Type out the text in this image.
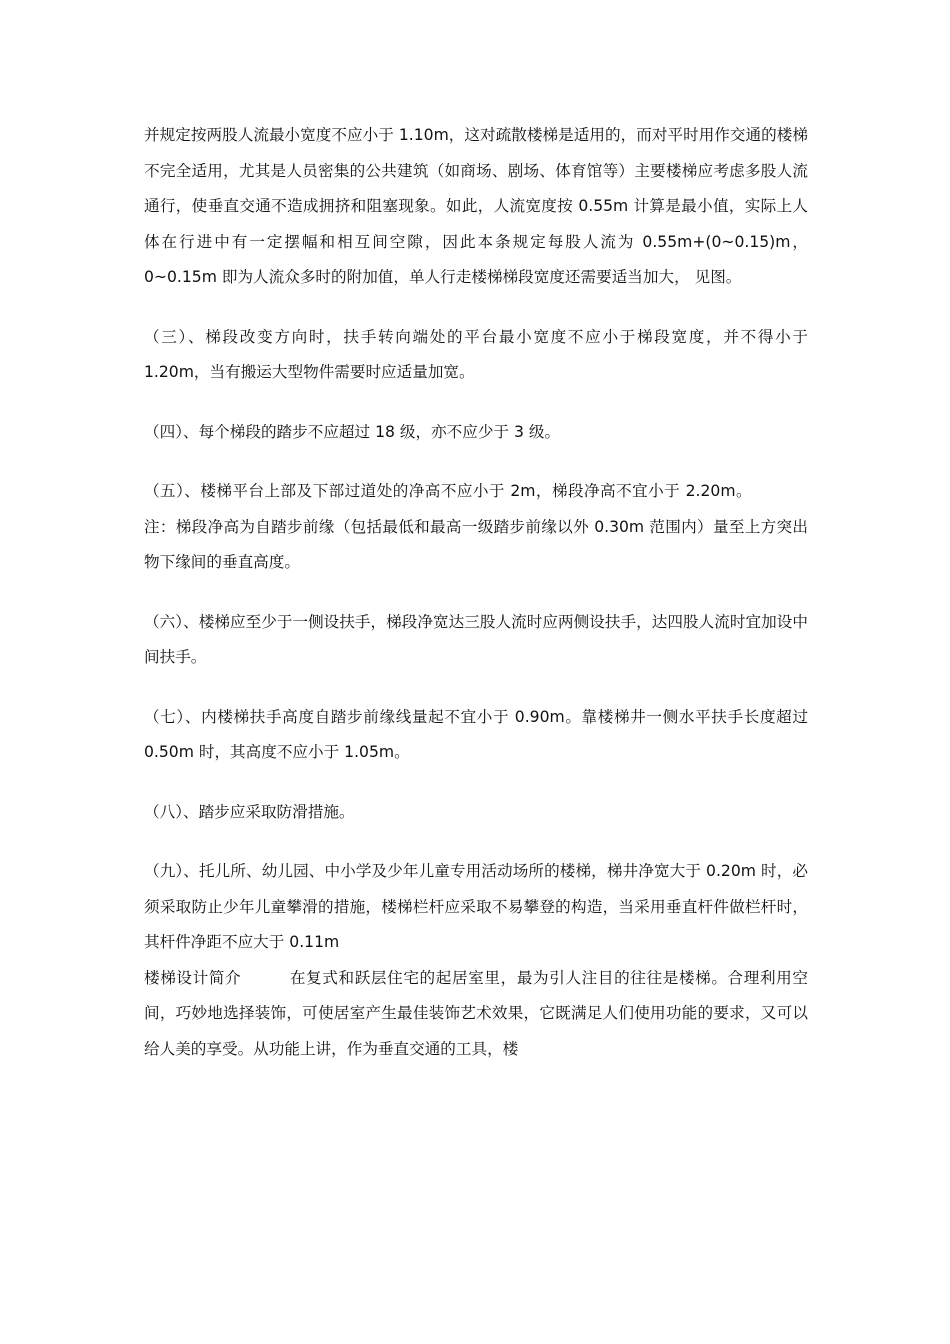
并规定按两股人流最小宽度不应小于 1.10m，这对疏散楼梯是适用的，而对平时用作交通的楼梯不完全适用，尤其是人员密集的公共建筑（如商场、剧场、体育馆等）主要楼梯应考虑多股人流通行，使垂直交通不造成拥挤和阻塞现象。如此，人流宽度按 0.55m 计算是最小值，实际上人体在行进中有一定摆幅和相互间空隙，因此本条规定每股人流为 0.55m+(0~0.15)m，0~0.15m 即为人流众多时的附加值，单人行走楼梯梯段宽度还需要适当加大， 见图。

（三）、梯段改变方向时，扶手转向端处的平台最小宽度不应小于梯段宽度，并不得小于 1.20m，当有搬运大型物件需要时应适量加宽。

（四）、每个梯段的踏步不应超过 18 级，亦不应少于 3 级。

（五）、楼梯平台上部及下部过道处的净高不应小于 2m，梯段净高不宜小于 2.20m。注：梯段净高为自踏步前缘（包括最低和最高一级踏步前缘以外 0.30m 范围内）量至上方突出物下缘间的垂直高度。

（六）、楼梯应至少于一侧设扶手，梯段净宽达三股人流时应两侧设扶手，达四股人流时宜加设中间扶手。

（七）、内楼梯扶手高度自踏步前缘线量起不宜小于 0.90m。靠楼梯井一侧水平扶手长度超过 0.50m 时，其高度不应小于 1.05m。

（八）、踏步应采取防滑措施。

（九）、托儿所、幼儿园、中小学及少年儿童专用活动场所的楼梯，梯井净宽大于 0.20m 时，必须采取防止少年儿童攀滑的措施，楼梯栏杆应采取不易攀登的构造，当采用垂直杆件做栏杆时，其杆件净距不应大于 0.11m

楼梯设计简介	在复式和跃层住宅的起居室里，最为引人注目的往往是楼梯。合理利用空间，巧妙地选择装饰，可使居室产生最佳装饰艺术效果，它既满足人们使用功能的要求，又可以给人美的享受。从功能上讲，作为垂直交通的工具，楼
